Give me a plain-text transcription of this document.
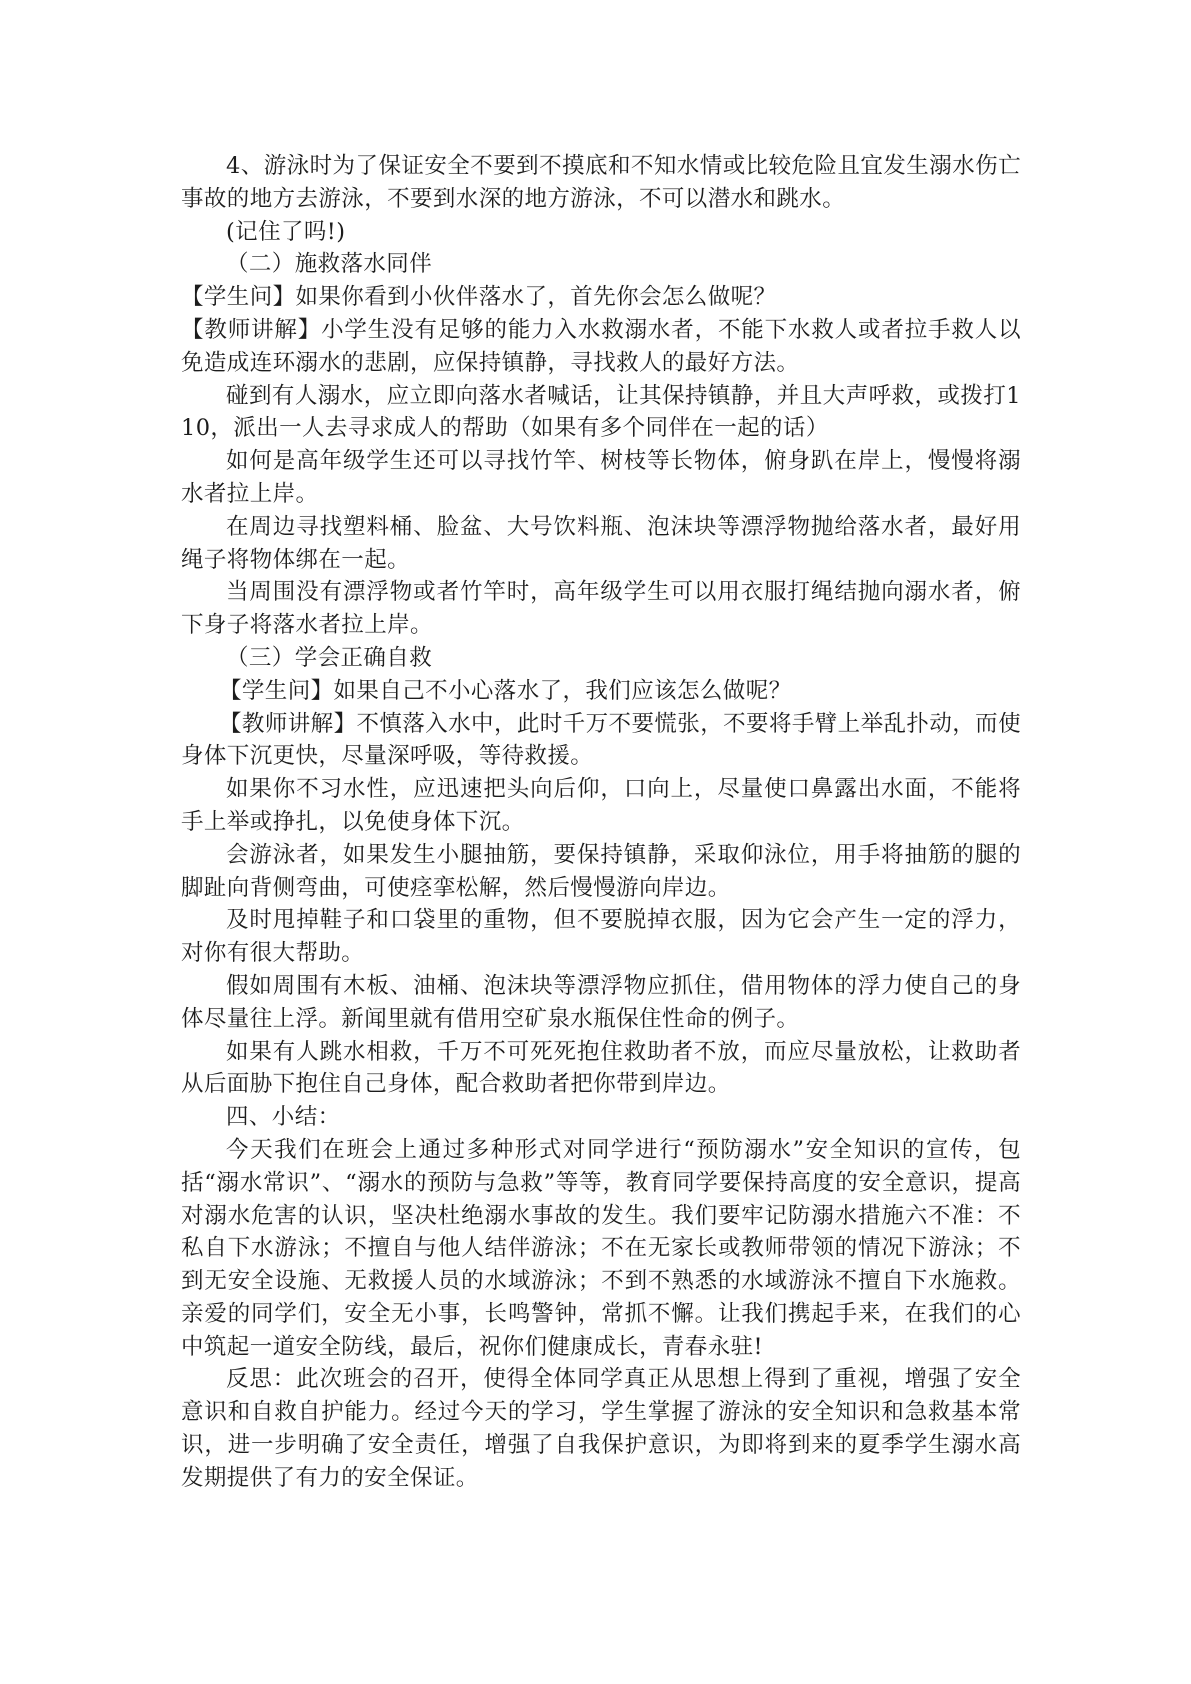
4、游泳时为了保证安全不要到不摸底和不知水情或比较危险且宜发生溺水伤亡事故的地方去游泳，不要到水深的地方游泳，不可以潜水和跳水。

(记住了吗!)

（二）施救落水同伴

【学生问】如果你看到小伙伴落水了，首先你会怎么做呢？

【教师讲解】小学生没有足够的能力入水救溺水者，不能下水救人或者拉手救人以免造成连环溺水的悲剧，应保持镇静，寻找救人的最好方法。

碰到有人溺水，应立即向落水者喊话，让其保持镇静，并且大声呼救，或拨打110，派出一人去寻求成人的帮助（如果有多个同伴在一起的话）

如何是高年级学生还可以寻找竹竿、树枝等长物体，俯身趴在岸上，慢慢将溺水者拉上岸。

在周边寻找塑料桶、脸盆、大号饮料瓶、泡沫块等漂浮物抛给落水者，最好用绳子将物体绑在一起。

当周围没有漂浮物或者竹竿时，高年级学生可以用衣服打绳结抛向溺水者，俯下身子将落水者拉上岸。

（三）学会正确自救

【学生问】如果自己不小心落水了，我们应该怎么做呢？

【教师讲解】不慎落入水中，此时千万不要慌张，不要将手臂上举乱扑动，而使身体下沉更快，尽量深呼吸，等待救援。

如果你不习水性，应迅速把头向后仰，口向上，尽量使口鼻露出水面，不能将手上举或挣扎，以免使身体下沉。

会游泳者，如果发生小腿抽筋，要保持镇静，采取仰泳位，用手将抽筋的腿的脚趾向背侧弯曲，可使痉挛松解，然后慢慢游向岸边。

及时甩掉鞋子和口袋里的重物，但不要脱掉衣服，因为它会产生一定的浮力，对你有很大帮助。

假如周围有木板、油桶、泡沫块等漂浮物应抓住，借用物体的浮力使自己的身体尽量往上浮。新闻里就有借用空矿泉水瓶保住性命的例子。

如果有人跳水相救，千万不可死死抱住救助者不放，而应尽量放松，让救助者从后面胁下抱住自己身体，配合救助者把你带到岸边。

四、小结：

今天我们在班会上通过多种形式对同学进行“预防溺水”安全知识的宣传，包括“溺水常识”、“溺水的预防与急救”等等，教育同学要保持高度的安全意识，提高对溺水危害的认识，坚决杜绝溺水事故的发生。我们要牢记防溺水措施六不准：不私自下水游泳；不擅自与他人结伴游泳；不在无家长或教师带领的情况下游泳；不到无安全设施、无救援人员的水域游泳；不到不熟悉的水域游泳不擅自下水施救。亲爱的同学们，安全无小事，长鸣警钟，常抓不懈。让我们携起手来，在我们的心中筑起一道安全防线，最后，祝你们健康成长，青春永驻!

反思：此次班会的召开，使得全体同学真正从思想上得到了重视，增强了安全意识和自救自护能力。经过今天的学习，学生掌握了游泳的安全知识和急救基本常识，进一步明确了安全责任，增强了自我保护意识，为即将到来的夏季学生溺水高发期提供了有力的安全保证。
